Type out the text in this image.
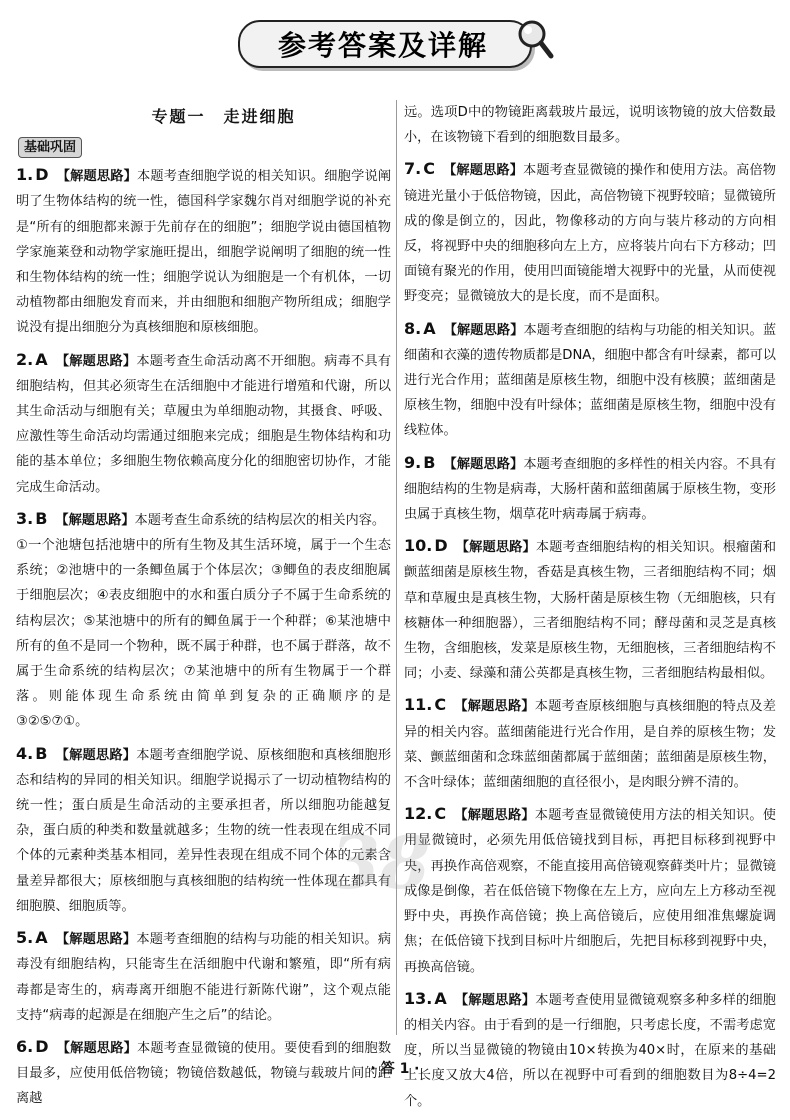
参考答案及详解
专题一　走进细胞
基础巩固
1. D 【解题思路】本题考查细胞学说的相关知识。细胞学说阐明了生物体结构的统一性，德国科学家魏尔肖对细胞学说的补充是“所有的细胞都来源于先前存在的细胞”；细胞学说由德国植物学家施莱登和动物学家施旺提出，细胞学说阐明了细胞的统一性和生物体结构的统一性；细胞学说认为细胞是一个有机体，一切动植物都由细胞发育而来，并由细胞和细胞产物所组成；细胞学说没有提出细胞分为真核细胞和原核细胞。
2. A 【解题思路】本题考查生命活动离不开细胞。病毒不具有细胞结构，但其必须寄生在活细胞中才能进行增殖和代谢，所以其生命活动与细胞有关；草履虫为单细胞动物，其摄食、呼吸、应激性等生命活动均需通过细胞来完成；细胞是生物体结构和功能的基本单位；多细胞生物依赖高度分化的细胞密切协作，才能完成生命活动。
3. B 【解题思路】本题考查生命系统的结构层次的相关内容。
①一个池塘包括池塘中的所有生物及其生活环境，属于一个生态系统；②池塘中的一条鲫鱼属于个体层次；③鲫鱼的表皮细胞属于细胞层次；④表皮细胞中的水和蛋白质分子不属于生命系统的结构层次；⑤某池塘中的所有的鲫鱼属于一个种群；⑥某池塘中所有的鱼不是同一个物种，既不属于种群，也不属于群落，故不属于生命系统的结构层次；⑦某池塘中的所有生物属于一个群落。则能体现生命系统由简单到复杂的正确顺序的是③②⑤⑦①。
4. B 【解题思路】本题考查细胞学说、原核细胞和真核细胞形态和结构的异同的相关知识。细胞学说揭示了一切动植物结构的统一性；蛋白质是生命活动的主要承担者，所以细胞功能越复杂，蛋白质的种类和数量就越多；生物的统一性表现在组成不同个体的元素种类基本相同，差异性表现在组成不同个体的元素含量差异都很大；原核细胞与真核细胞的结构统一性体现在都具有细胞膜、细胞质等。
5. A 【解题思路】本题考查细胞的结构与功能的相关知识。病毒没有细胞结构，只能寄生在活细胞中代谢和繁殖，即“所有病毒都是寄生的，病毒离开细胞不能进行新陈代谢”，这个观点能支持“病毒的起源是在细胞产生之后”的结论。
6. D 【解题思路】本题考查显微镜的使用。要使看到的细胞数目最多，应使用低倍物镜；物镜倍数越低，物镜与载玻片间的距离越
远。选项D中的物镜距离载玻片最远，说明该物镜的放大倍数最小，在该物镜下看到的细胞数目最多。
7. C 【解题思路】本题考查显微镜的操作和使用方法。高倍物镜进光量小于低倍物镜，因此，高倍物镜下视野较暗；显微镜所成的像是倒立的，因此，物像移动的方向与装片移动的方向相反，将视野中央的细胞移向左上方，应将装片向右下方移动；凹面镜有聚光的作用，使用凹面镜能增大视野中的光量，从而使视野变亮；显微镜放大的是长度，而不是面积。
8. A 【解题思路】本题考查细胞的结构与功能的相关知识。蓝细菌和衣藻的遗传物质都是DNA，细胞中都含有叶绿素，都可以进行光合作用；蓝细菌是原核生物，细胞中没有核膜；蓝细菌是原核生物，细胞中没有叶绿体；蓝细菌是原核生物，细胞中没有线粒体。
9. B 【解题思路】本题考查细胞的多样性的相关内容。不具有细胞结构的生物是病毒，大肠杆菌和蓝细菌属于原核生物，变形虫属于真核生物，烟草花叶病毒属于病毒。
10. D 【解题思路】本题考查细胞结构的相关知识。根瘤菌和颤蓝细菌是原核生物，香菇是真核生物，三者细胞结构不同；烟草和草履虫是真核生物，大肠杆菌是原核生物（无细胞核，只有核糖体一种细胞器），三者细胞结构不同；酵母菌和灵芝是真核生物，含细胞核，发菜是原核生物，无细胞核，三者细胞结构不同；小麦、绿藻和蒲公英都是真核生物，三者细胞结构最相似。
11. C 【解题思路】本题考查原核细胞与真核细胞的特点及差异的相关内容。蓝细菌能进行光合作用，是自养的原核生物；发菜、颤蓝细菌和念珠蓝细菌都属于蓝细菌；蓝细菌是原核生物，不含叶绿体；蓝细菌细胞的直径很小，是肉眼分辨不清的。
12. C 【解题思路】本题考查显微镜使用方法的相关知识。使用显微镜时，必须先用低倍镜找到目标，再把目标移到视野中央，再换作高倍观察，不能直接用高倍镜观察藓类叶片；显微镜成像是倒像，若在低倍镜下物像在左上方，应向左上方移动至视野中央，再换作高倍镜；换上高倍镜后，应使用细准焦螺旋调焦；在低倍镜下找到目标叶片细胞后，先把目标移到视野中央，再换高倍镜。
13. A 【解题思路】本题考查使用显微镜观察多种多样的细胞的相关内容。由于看到的是一行细胞，只考虑长度，不需考虑宽度，所以当显微镜的物镜由10×转换为40×时，在原来的基础上长度又放大4倍，所以在视野中可看到的细胞数目为8÷4=2个。
38
· 答 1 ·
